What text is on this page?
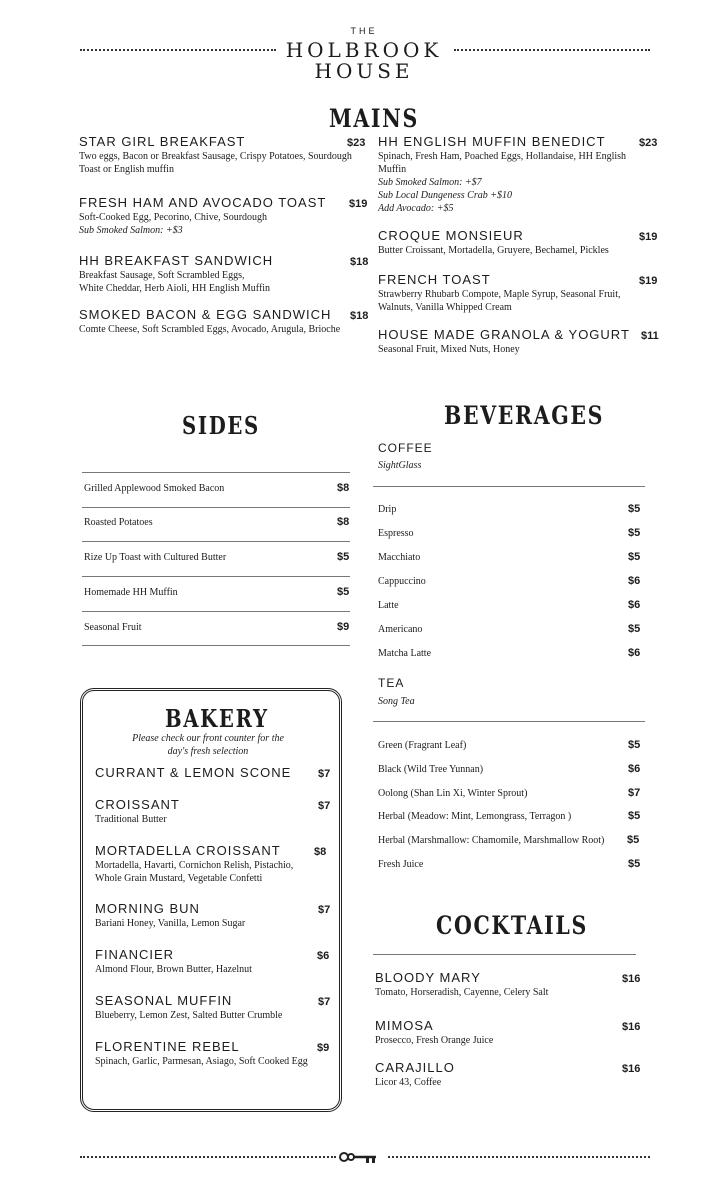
THE
HOLBROOK
HOUSE
MAINS
STAR GIRL BREAKFAST
Two eggs, Bacon or Breakfast Sausage, Crispy Potatoes, Sourdough
Toast or English muffin
$23
FRESH HAM AND AVOCADO TOAST
Soft-Cooked Egg, Pecorino, Chive, Sourdough
Sub Smoked Salmon: +$3
$19
HH BREAKFAST SANDWICH
Breakfast Sausage, Soft Scrambled Eggs,
White Cheddar, Herb Aioli, HH English Muffin
$18
SMOKED BACON & EGG SANDWICH
Comte Cheese, Soft Scrambled Eggs, Avocado, Arugula, Brioche
$18
HH ENGLISH MUFFIN BENEDICT
Spinach, Fresh Ham, Poached Eggs, Hollandaise, HH English
Muffin
Sub Smoked Salmon: +$7
Sub Local Dungeness Crab +$10
Add Avocado: +$5
$23
CROQUE MONSIEUR
Butter Croissant, Mortadella, Gruyere, Bechamel, Pickles
$19
FRENCH TOAST
Strawberry Rhubarb Compote, Maple Syrup, Seasonal Fruit,
Walnuts, Vanilla Whipped Cream
$19
HOUSE MADE GRANOLA & YOGURT
Seasonal Fruit, Mixed Nuts, Honey
$11
SIDES
Grilled Applewood Smoked Bacon	$8
Roasted Potatoes	$8
Rize Up Toast with Cultured Butter	$5
Homemade HH Muffin	$5
Seasonal Fruit	$9
BAKERY
Please check our front counter for the
day's fresh selection
CURRANT & LEMON SCONE	$7
CROISSANT
Traditional Butter
$7
MORTADELLA CROISSANT
Mortadella, Havarti, Cornichon Relish, Pistachio,
Whole Grain Mustard, Vegetable Confetti
$8
MORNING BUN
Bariani Honey, Vanilla, Lemon Sugar
$7
FINANCIER
Almond Flour, Brown Butter, Hazelnut
$6
SEASONAL MUFFIN
Blueberry, Lemon Zest, Salted Butter Crumble
$7
FLORENTINE REBEL
Spinach, Garlic, Parmesan, Asiago, Soft Cooked Egg
$9
BEVERAGES
COFFEE
SightGlass
Drip	$5
Espresso	$5
Macchiato	$5
Cappuccino	$6
Latte	$6
Americano	$5
Matcha Latte	$6
TEA
Song Tea
Green (Fragrant Leaf)	$5
Black (Wild Tree Yunnan)	$6
Oolong (Shan Lin Xi, Winter Sprout)	$7
Herbal (Meadow: Mint, Lemongrass, Terragon )	$5
Herbal (Marshmallow: Chamomile, Marshmallow Root) $5
Fresh Juice	$5
COCKTAILS
BLOODY MARY
Tomato, Horseradish, Cayenne, Celery Salt
$16
MIMOSA
Prosecco, Fresh Orange Juice
$16
CARAJILLO
Licor 43, Coffee
$16
